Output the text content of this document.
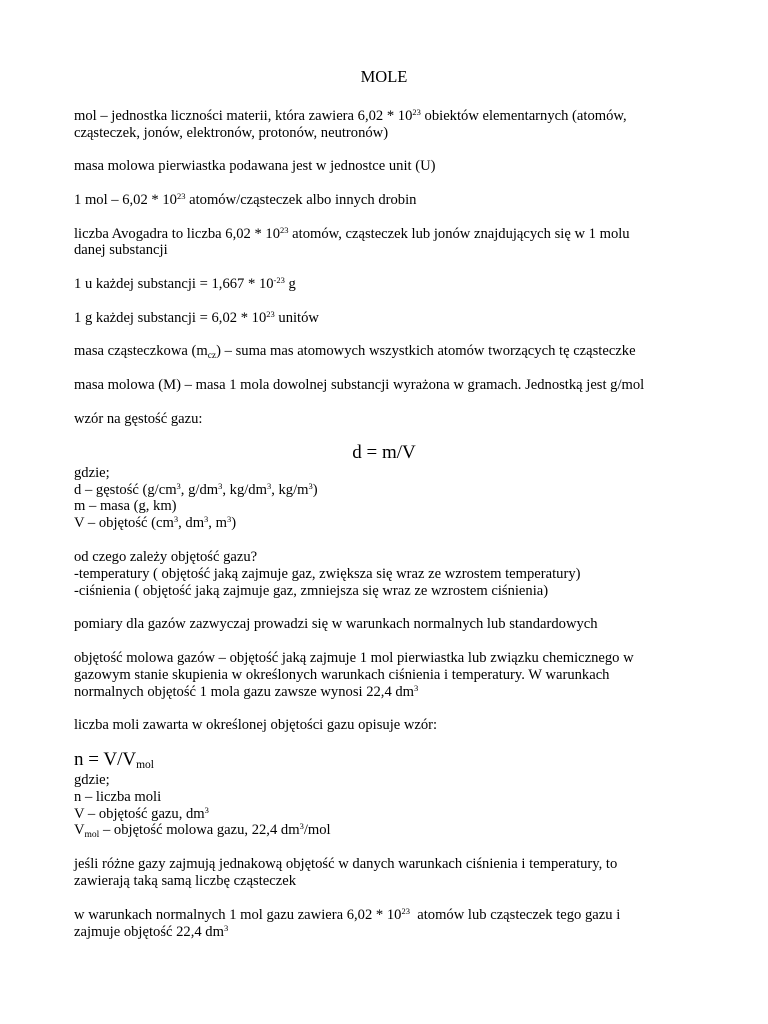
MOLE
mol – jednostka liczności materii, która zawiera $6,02 * 10^{23}$ obiektów elementarnych (atomów,
cząsteczek, jonów, elektronów, protonów, neutronów)
masa molowa pierwiastka podawana jest w jednostce unit (U)
1 mol – $6,02 * 10^{23}$ atomów/cząsteczek albo innych drobin
liczba Avogadra to liczba $6,02 * 10^{23}$ atomów, cząsteczek lub jonów znajdujących się w 1 molu
danej substancji
1 u każdej substancji = $1,667 * 10^{-23}$ g
1 g każdej substancji = $6,02 * 10^{23}$ unitów
masa cząsteczkowa $(m_{cz})$ – suma mas atomowych wszystkich atomów tworzących tę cząsteczke
masa molowa (M) – masa 1 mola dowolnej substancji wyrażona w gramach. Jednostką jest g/mol
wzór na gęstość gazu:
d = m/V
gdzie;
d – gęstość ($g/cm^3$, $g/dm^3$, $kg/dm^3$, $kg/m^3$)
m – masa (g, km)
V – objętość ($cm^3$, $dm^3$, $m^3$)
od czego zależy objętość gazu?
-temperatury ( objętość jaką zajmuje gaz, zwiększa się wraz ze wzrostem temperatury)
-ciśnienia ( objętość jaką zajmuje gaz, zmniejsza się wraz ze wzrostem ciśnienia)
pomiary dla gazów zazwyczaj prowadzi się w warunkach normalnych lub standardowych
objętość molowa gazów – objętość jaką zajmuje 1 mol pierwiastka lub związku chemicznego w
gazowym stanie skupienia w określonych warunkach ciśnienia i temperatury. W warunkach
normalnych objętość 1 mola gazu zawsze wynosi 22,4 $dm^3$
liczba moli zawarta w określonej objętości gazu opisuje wzór:
$n = V/V_{mol}$
gdzie;
n – liczba moli
V – objętość gazu, $dm^3$
$V_{mol}$ – objętość molowa gazu, 22,4 $dm^3$/mol
jeśli różne gazy zajmują jednakową objętość w danych warunkach ciśnienia i temperatury, to
zawierają taką samą liczbę cząsteczek
w warunkach normalnych 1 mol gazu zawiera $6,02 * 10^{23}$  atomów lub cząsteczek tego gazu i
zajmuje objętość 22,4 $dm^3$
